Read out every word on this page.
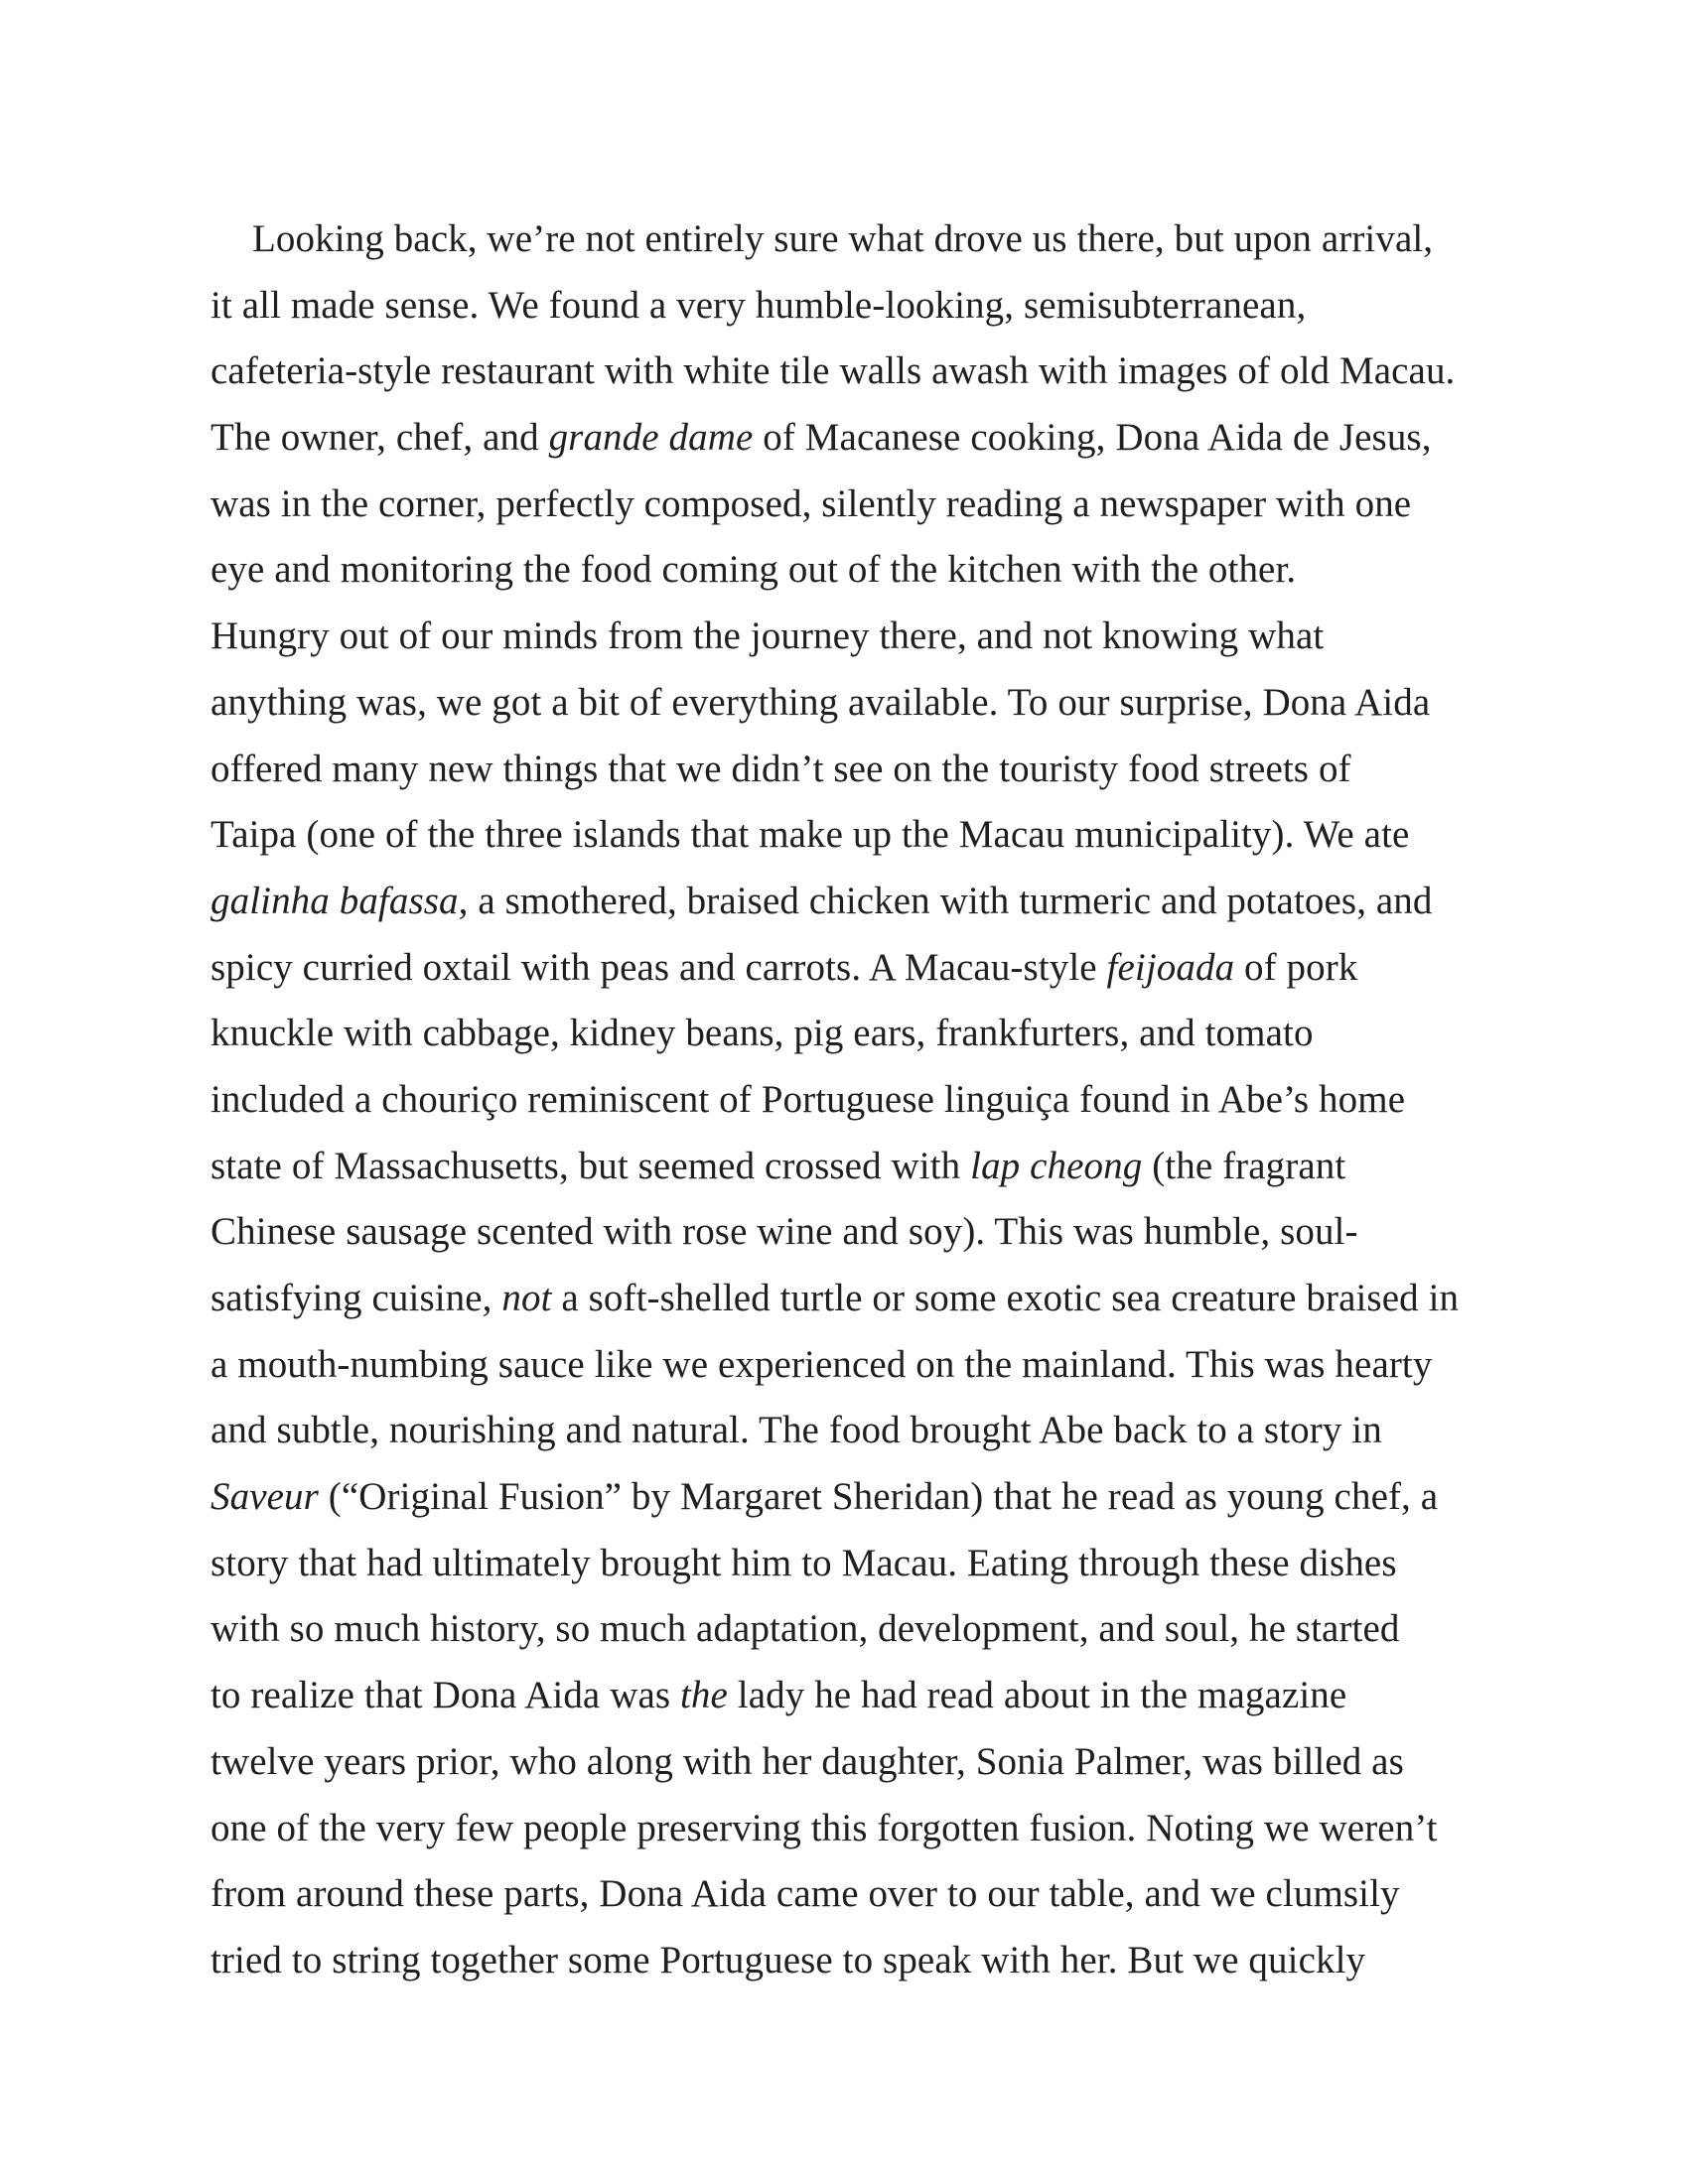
Looking back, we’re not entirely sure what drove us there, but upon arrival,
it all made sense. We found a very humble-looking, semisubterranean,
cafeteria-style restaurant with white tile walls awash with images of old Macau.
The owner, chef, and grande dame of Macanese cooking, Dona Aida de Jesus,
was in the corner, perfectly composed, silently reading a newspaper with one
eye and monitoring the food coming out of the kitchen with the other.
Hungry out of our minds from the journey there, and not knowing what
anything was, we got a bit of everything available. To our surprise, Dona Aida
offered many new things that we didn’t see on the touristy food streets of
Taipa (one of the three islands that make up the Macau municipality). We ate
galinha bafassa, a smothered, braised chicken with turmeric and potatoes, and
spicy curried oxtail with peas and carrots. A Macau-style feijoada of pork
knuckle with cabbage, kidney beans, pig ears, frankfurters, and tomato
included a chouriço reminiscent of Portuguese linguiça found in Abe’s home
state of Massachusetts, but seemed crossed with lap cheong (the fragrant
Chinese sausage scented with rose wine and soy). This was humble, soul-
satisfying cuisine, not a soft-shelled turtle or some exotic sea creature braised in
a mouth-numbing sauce like we experienced on the mainland. This was hearty
and subtle, nourishing and natural. The food brought Abe back to a story in
Saveur (“Original Fusion” by Margaret Sheridan) that he read as young chef, a
story that had ultimately brought him to Macau. Eating through these dishes
with so much history, so much adaptation, development, and soul, he started
to realize that Dona Aida was the lady he had read about in the magazine
twelve years prior, who along with her daughter, Sonia Palmer, was billed as
one of the very few people preserving this forgotten fusion. Noting we weren’t
from around these parts, Dona Aida came over to our table, and we clumsily
tried to string together some Portuguese to speak with her. But we quickly
